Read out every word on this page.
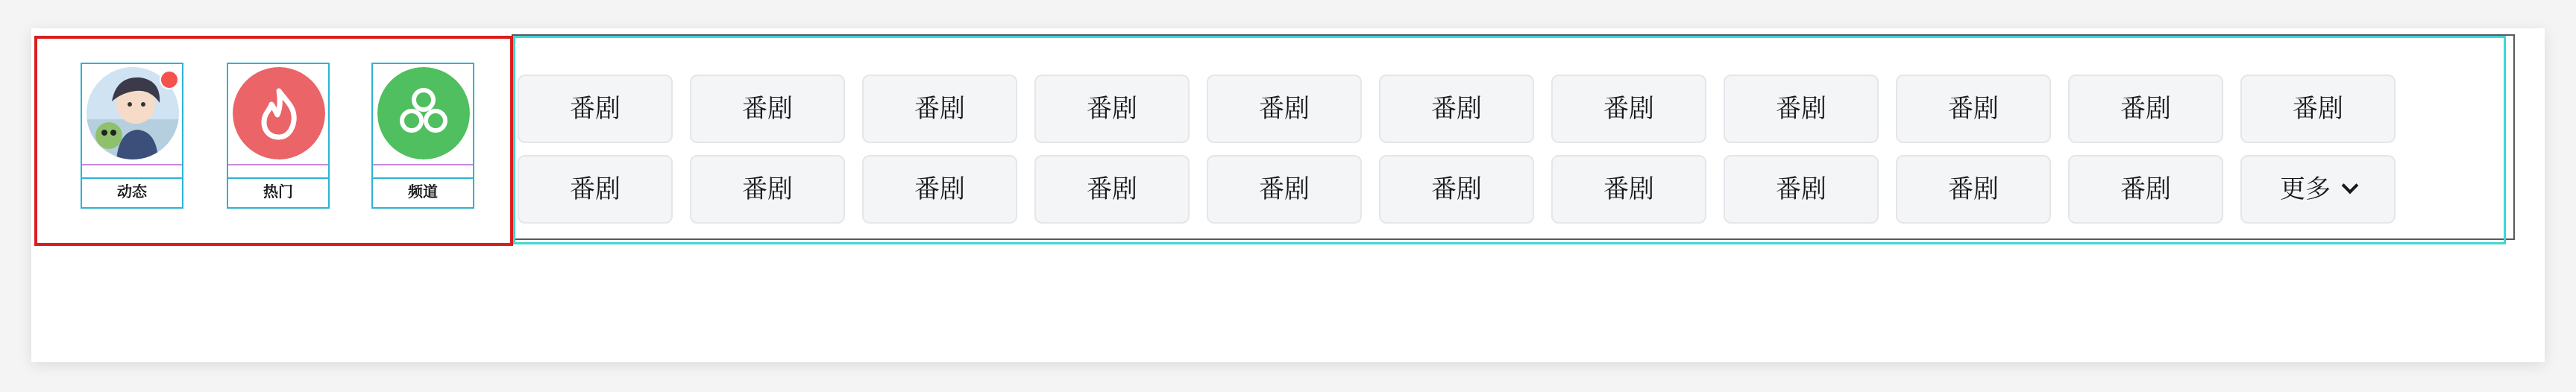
动态	热门	频道
番剧	番剧	番剧	番剧	番剧	番剧	番剧	番剧	番剧	番剧	番剧
番剧	番剧	番剧	番剧	番剧	番剧	番剧	番剧	番剧	番剧	更多
